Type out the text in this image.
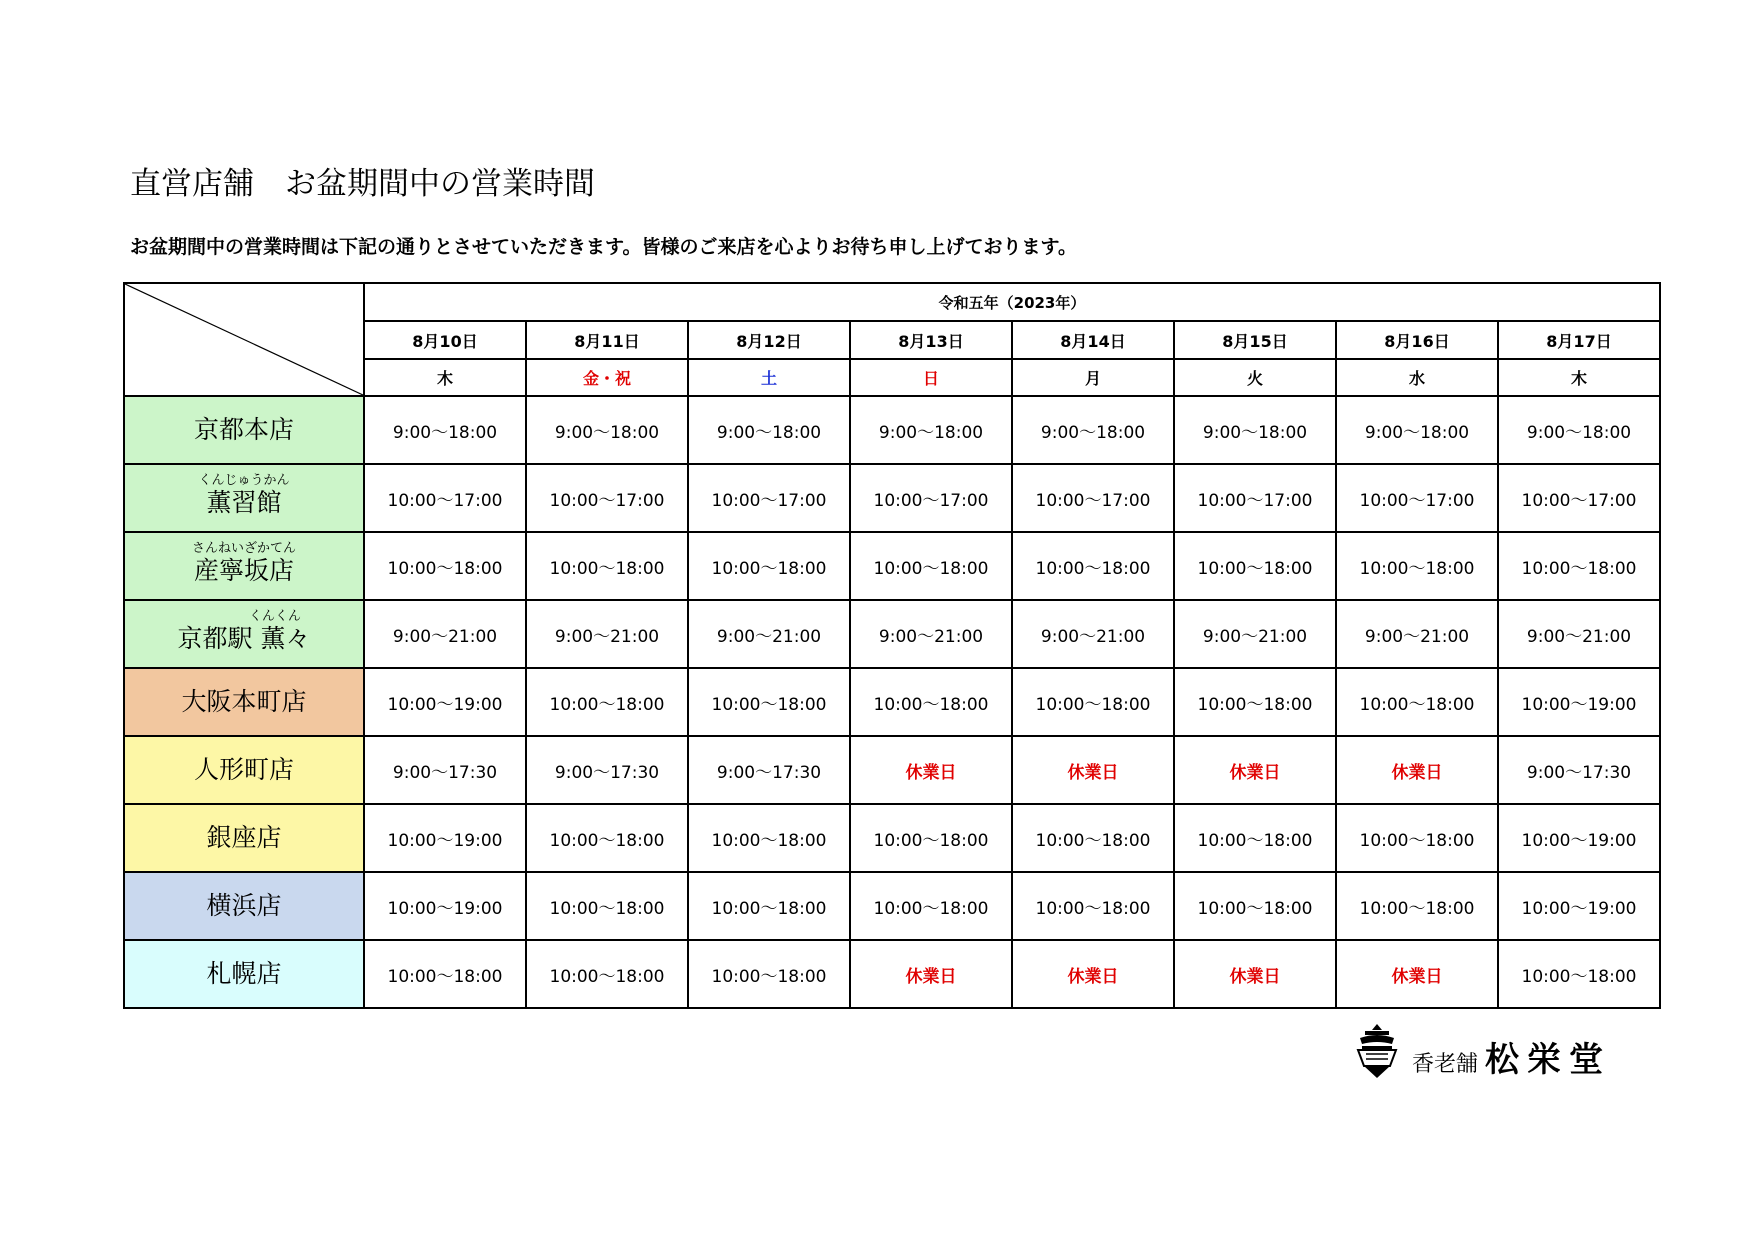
直営店舗　お盆期間中の営業時間
お盆期間中の営業時間は下記の通りとさせていただきます。皆様のご来店を心よりお待ち申し上げております。
	令和五年（2023年）							
	8月10日	8月11日	8月12日	8月13日	8月14日	8月15日	8月16日	8月17日
	木	金・祝	土	日	月	火	水	木

京都本店	9:00〜18:00	9:00〜18:00	9:00〜18:00	9:00〜18:00	9:00〜18:00	9:00〜18:00	9:00〜18:00	9:00〜18:00

くんじゅうかん
薫習館	10:00〜17:00	10:00〜17:00	10:00〜17:00	10:00〜17:00	10:00〜17:00	10:00〜17:00	10:00〜17:00	10:00〜17:00

さんねいざかてん
産寧坂店	10:00〜18:00	10:00〜18:00	10:00〜18:00	10:00〜18:00	10:00〜18:00	10:00〜18:00	10:00〜18:00	10:00〜18:00

くんくん
京都駅 薫々	9:00〜21:00	9:00〜21:00	9:00〜21:00	9:00〜21:00	9:00〜21:00	9:00〜21:00	9:00〜21:00	9:00〜21:00

大阪本町店	10:00〜19:00	10:00〜18:00	10:00〜18:00	10:00〜18:00	10:00〜18:00	10:00〜18:00	10:00〜18:00	10:00〜19:00

人形町店	9:00〜17:30	9:00〜17:30	9:00〜17:30	休業日	休業日	休業日	休業日	9:00〜17:30

銀座店	10:00〜19:00	10:00〜18:00	10:00〜18:00	10:00〜18:00	10:00〜18:00	10:00〜18:00	10:00〜18:00	10:00〜19:00

横浜店	10:00〜19:00	10:00〜18:00	10:00〜18:00	10:00〜18:00	10:00〜18:00	10:00〜18:00	10:00〜18:00	10:00〜19:00

札幌店	10:00〜18:00	10:00〜18:00	10:00〜18:00	休業日	休業日	休業日	休業日	10:00〜18:00
香老舗 松栄堂
